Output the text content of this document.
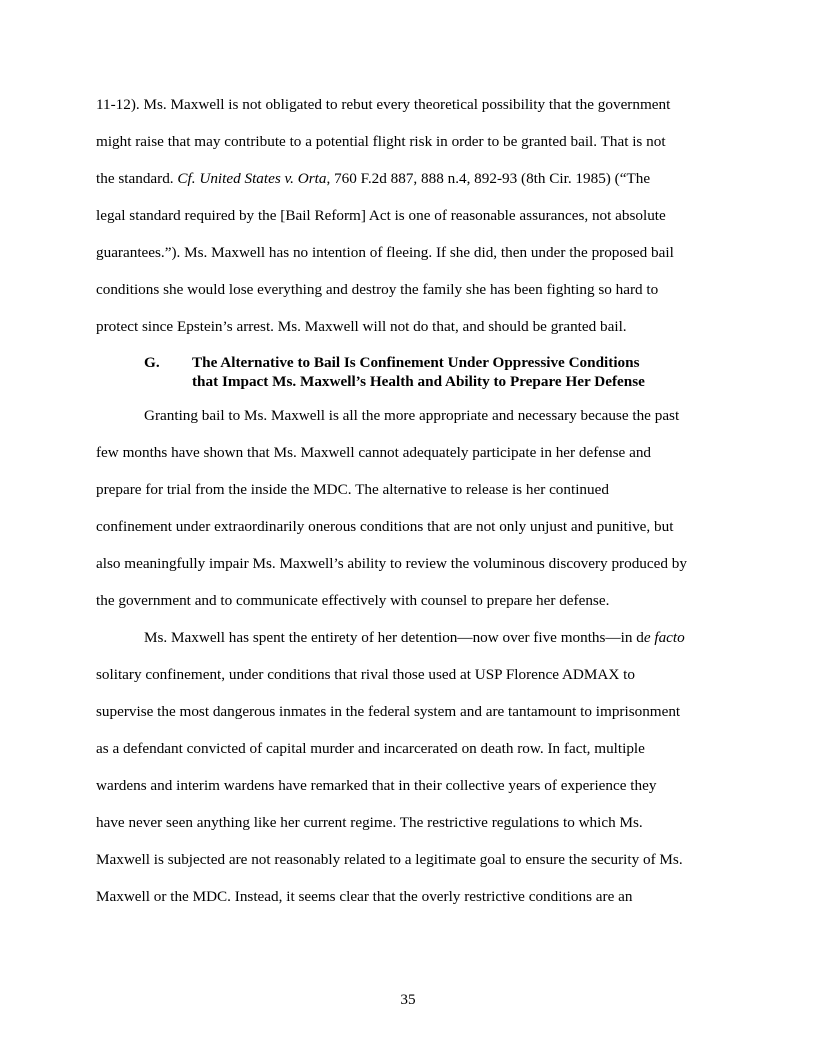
11-12). Ms. Maxwell is not obligated to rebut every theoretical possibility that the government
might raise that may contribute to a potential flight risk in order to be granted bail. That is not
the standard. Cf. United States v. Orta, 760 F.2d 887, 888 n.4, 892-93 (8th Cir. 1985) (“The
legal standard required by the [Bail Reform] Act is one of reasonable assurances, not absolute
guarantees.”). Ms. Maxwell has no intention of fleeing. If she did, then under the proposed bail
conditions she would lose everything and destroy the family she has been fighting so hard to
protect since Epstein’s arrest. Ms. Maxwell will not do that, and should be granted bail.
G. The Alternative to Bail Is Confinement Under Oppressive Conditions
that Impact Ms. Maxwell’s Health and Ability to Prepare Her Defense
Granting bail to Ms. Maxwell is all the more appropriate and necessary because the past
few months have shown that Ms. Maxwell cannot adequately participate in her defense and
prepare for trial from the inside the MDC. The alternative to release is her continued
confinement under extraordinarily onerous conditions that are not only unjust and punitive, but
also meaningfully impair Ms. Maxwell’s ability to review the voluminous discovery produced by
the government and to communicate effectively with counsel to prepare her defense.
Ms. Maxwell has spent the entirety of her detention—now over five months—in de facto
solitary confinement, under conditions that rival those used at USP Florence ADMAX to
supervise the most dangerous inmates in the federal system and are tantamount to imprisonment
as a defendant convicted of capital murder and incarcerated on death row. In fact, multiple
wardens and interim wardens have remarked that in their collective years of experience they
have never seen anything like her current regime. The restrictive regulations to which Ms.
Maxwell is subjected are not reasonably related to a legitimate goal to ensure the security of Ms.
Maxwell or the MDC. Instead, it seems clear that the overly restrictive conditions are an
35
